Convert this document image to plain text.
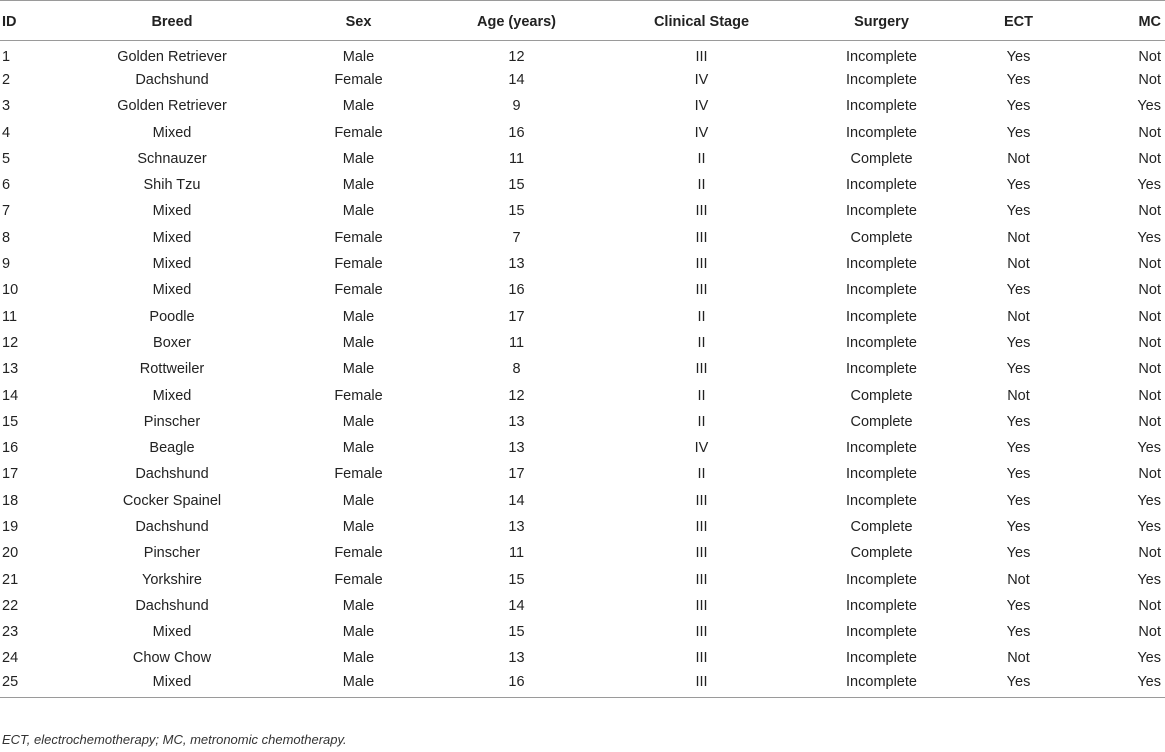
ID	Breed	Sex	Age (years)	Clinical Stage	Surgery	ECT	MC
1	Golden Retriever	Male	12	III	Incomplete	Yes	Not
2	Dachshund	Female	14	IV	Incomplete	Yes	Not
3	Golden Retriever	Male	9	IV	Incomplete	Yes	Yes
4	Mixed	Female	16	IV	Incomplete	Yes	Not
5	Schnauzer	Male	11	II	Complete	Not	Not
6	Shih Tzu	Male	15	II	Incomplete	Yes	Yes
7	Mixed	Male	15	III	Incomplete	Yes	Not
8	Mixed	Female	7	III	Complete	Not	Yes
9	Mixed	Female	13	III	Incomplete	Not	Not
10	Mixed	Female	16	III	Incomplete	Yes	Not
11	Poodle	Male	17	II	Incomplete	Not	Not
12	Boxer	Male	11	II	Incomplete	Yes	Not
13	Rottweiler	Male	8	III	Incomplete	Yes	Not
14	Mixed	Female	12	II	Complete	Not	Not
15	Pinscher	Male	13	II	Complete	Yes	Not
16	Beagle	Male	13	IV	Incomplete	Yes	Yes
17	Dachshund	Female	17	II	Incomplete	Yes	Not
18	Cocker Spainel	Male	14	III	Incomplete	Yes	Yes
19	Dachshund	Male	13	III	Complete	Yes	Yes
20	Pinscher	Female	11	III	Complete	Yes	Not
21	Yorkshire	Female	15	III	Incomplete	Not	Yes
22	Dachshund	Male	14	III	Incomplete	Yes	Not
23	Mixed	Male	15	III	Incomplete	Yes	Not
24	Chow Chow	Male	13	III	Incomplete	Not	Yes
25	Mixed	Male	16	III	Incomplete	Yes	Yes
ECT, electrochemotherapy; MC, metronomic chemotherapy.
